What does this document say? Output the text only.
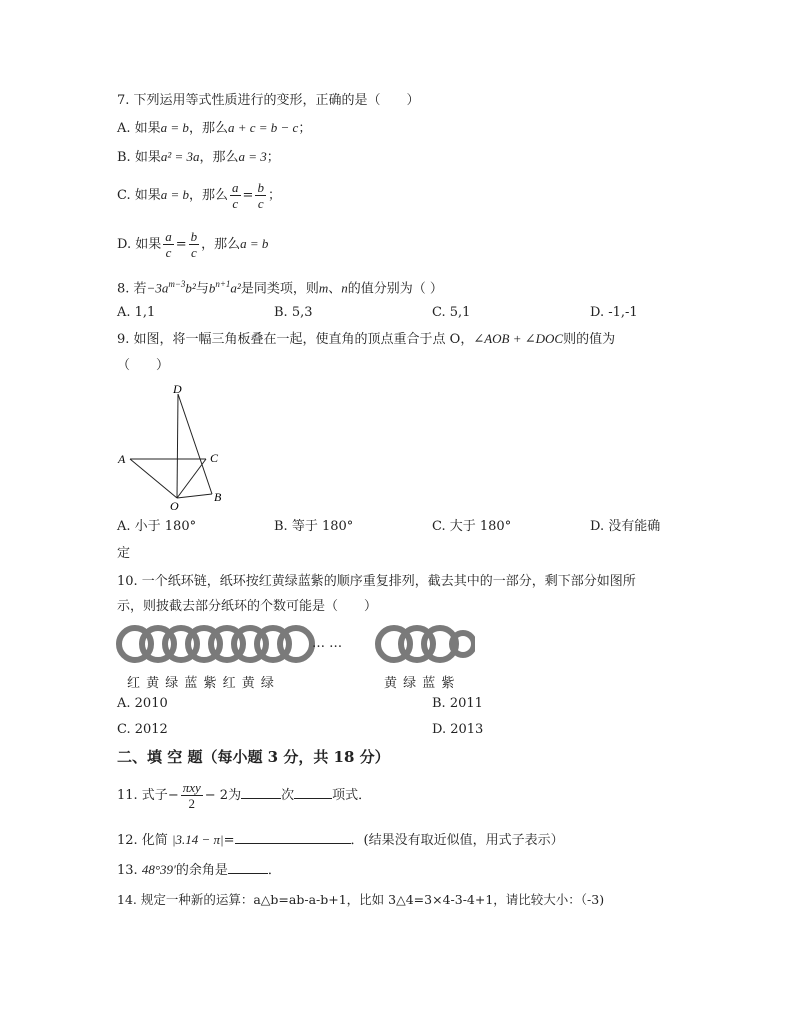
7. 下列运用等式性质进行的变形，正确的是（　　）
A. 如果a = b，那么a + c = b − c；
B. 如果a² = 3a，那么a = 3；
C. 如果a = b，那么 $\frac{a}{c} = \frac{b}{c}$ ；
D. 如果 $\frac{a}{c} = \frac{b}{c}$ ，那么a = b
8. 若$-3a^{m-3}b^2$与$b^{n+1}a^2$是同类项，则m、n的值分别为（ ）
A. 1,1	B. 5,3	C. 5,1	D. -1,-1
9. 如图，将一幅三角板叠在一起，使直角的顶点重合于点 O，∠AOB + ∠DOC则的值为
（　　）
D
A	C
O
B
A. 小于 180°	B. 等于 180°	C. 大于 180°	D. 没有能确
定
10. 一个纸环链，纸环按红黄绿蓝紫的顺序重复排列，截去其中的一部分，剩下部分如图所
示，则披截去部分纸环的个数可能是（　　）
… …
红 黄 绿 蓝 紫 红 黄 绿	黄 绿 蓝 紫
A. 2010	B. 2011
C. 2012	D. 2013
二、填 空 题（每小题 3 分，共 18 分）
11. 式子− $\frac{\text{πxy}}{2} - 2$为	次	项式．
12. 化简 |3.14 − π|=	．(结果没有取近似值，用式子表示）
13. 48°39′的余角是	．
14. 规定一种新的运算：a△b=ab-a-b+1，比如 3△4=3×4-3-4+1，请比较大小：（-3)
